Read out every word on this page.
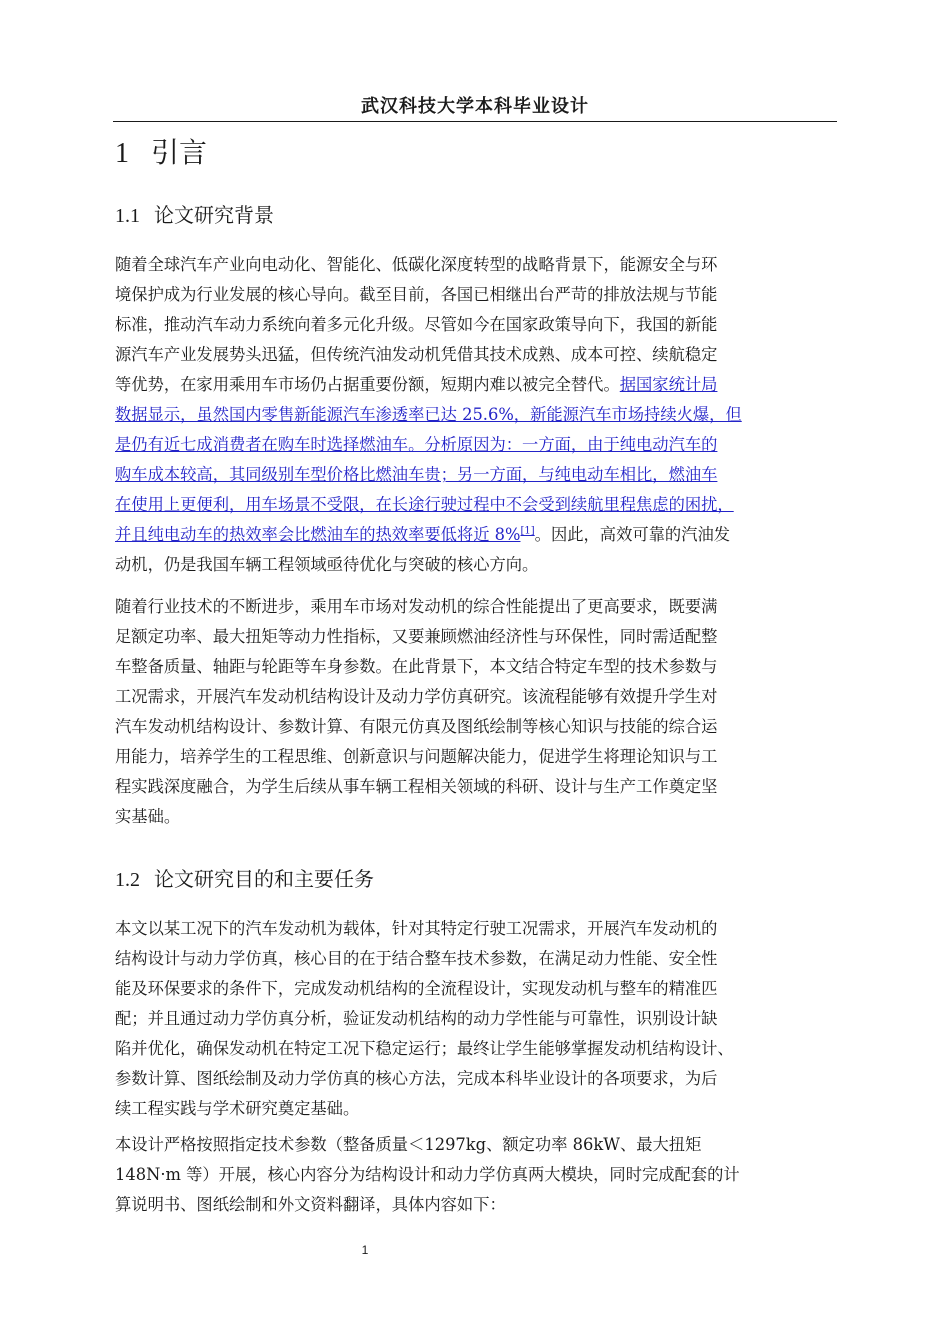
武汉科技大学本科毕业设计
1 引言
1.1 论文研究背景
随着全球汽车产业向电动化、智能化、低碳化深度转型的战略背景下，能源安全与环
境保护成为行业发展的核心导向。截至目前，各国已相继出台严苛的排放法规与节能
标准，推动汽车动力系统向着多元化升级。尽管如今在国家政策导向下，我国的新能
源汽车产业发展势头迅猛，但传统汽油发动机凭借其技术成熟、成本可控、续航稳定
等优势，在家用乘用车市场仍占据重要份额，短期内难以被完全替代。据国家统计局
数据显示，虽然国内零售新能源汽车渗透率已达 25.6%，新能源汽车市场持续火爆，但
是仍有近七成消费者在购车时选择燃油车。分析原因为：一方面，由于纯电动汽车的
购车成本较高，其同级别车型价格比燃油车贵；另一方面，与纯电动车相比，燃油车
在使用上更便利，用车场景不受限，在长途行驶过程中不会受到续航里程焦虑的困扰，
并且纯电动车的热效率会比燃油车的热效率要低将近 8%[1]。因此，高效可靠的汽油发
动机，仍是我国车辆工程领域亟待优化与突破的核心方向。
随着行业技术的不断进步，乘用车市场对发动机的综合性能提出了更高要求，既要满
足额定功率、最大扭矩等动力性指标，又要兼顾燃油经济性与环保性，同时需适配整
车整备质量、轴距与轮距等车身参数。在此背景下，本文结合特定车型的技术参数与
工况需求，开展汽车发动机结构设计及动力学仿真研究。该流程能够有效提升学生对
汽车发动机结构设计、参数计算、有限元仿真及图纸绘制等核心知识与技能的综合运
用能力，培养学生的工程思维、创新意识与问题解决能力，促进学生将理论知识与工
程实践深度融合，为学生后续从事车辆工程相关领域的科研、设计与生产工作奠定坚
实基础。
1.2 论文研究目的和主要任务
本文以某工况下的汽车发动机为载体，针对其特定行驶工况需求，开展汽车发动机的
结构设计与动力学仿真，核心目的在于结合整车技术参数，在满足动力性能、安全性
能及环保要求的条件下，完成发动机结构的全流程设计，实现发动机与整车的精准匹
配；并且通过动力学仿真分析，验证发动机结构的动力学性能与可靠性，识别设计缺
陷并优化，确保发动机在特定工况下稳定运行；最终让学生能够掌握发动机结构设计、
参数计算、图纸绘制及动力学仿真的核心方法，完成本科毕业设计的各项要求，为后
续工程实践与学术研究奠定基础。
本设计严格按照指定技术参数（整备质量＜1297kg、额定功率 86kW、最大扭矩
148N·m 等）开展，核心内容分为结构设计和动力学仿真两大模块，同时完成配套的计
算说明书、图纸绘制和外文资料翻译，具体内容如下：
1
